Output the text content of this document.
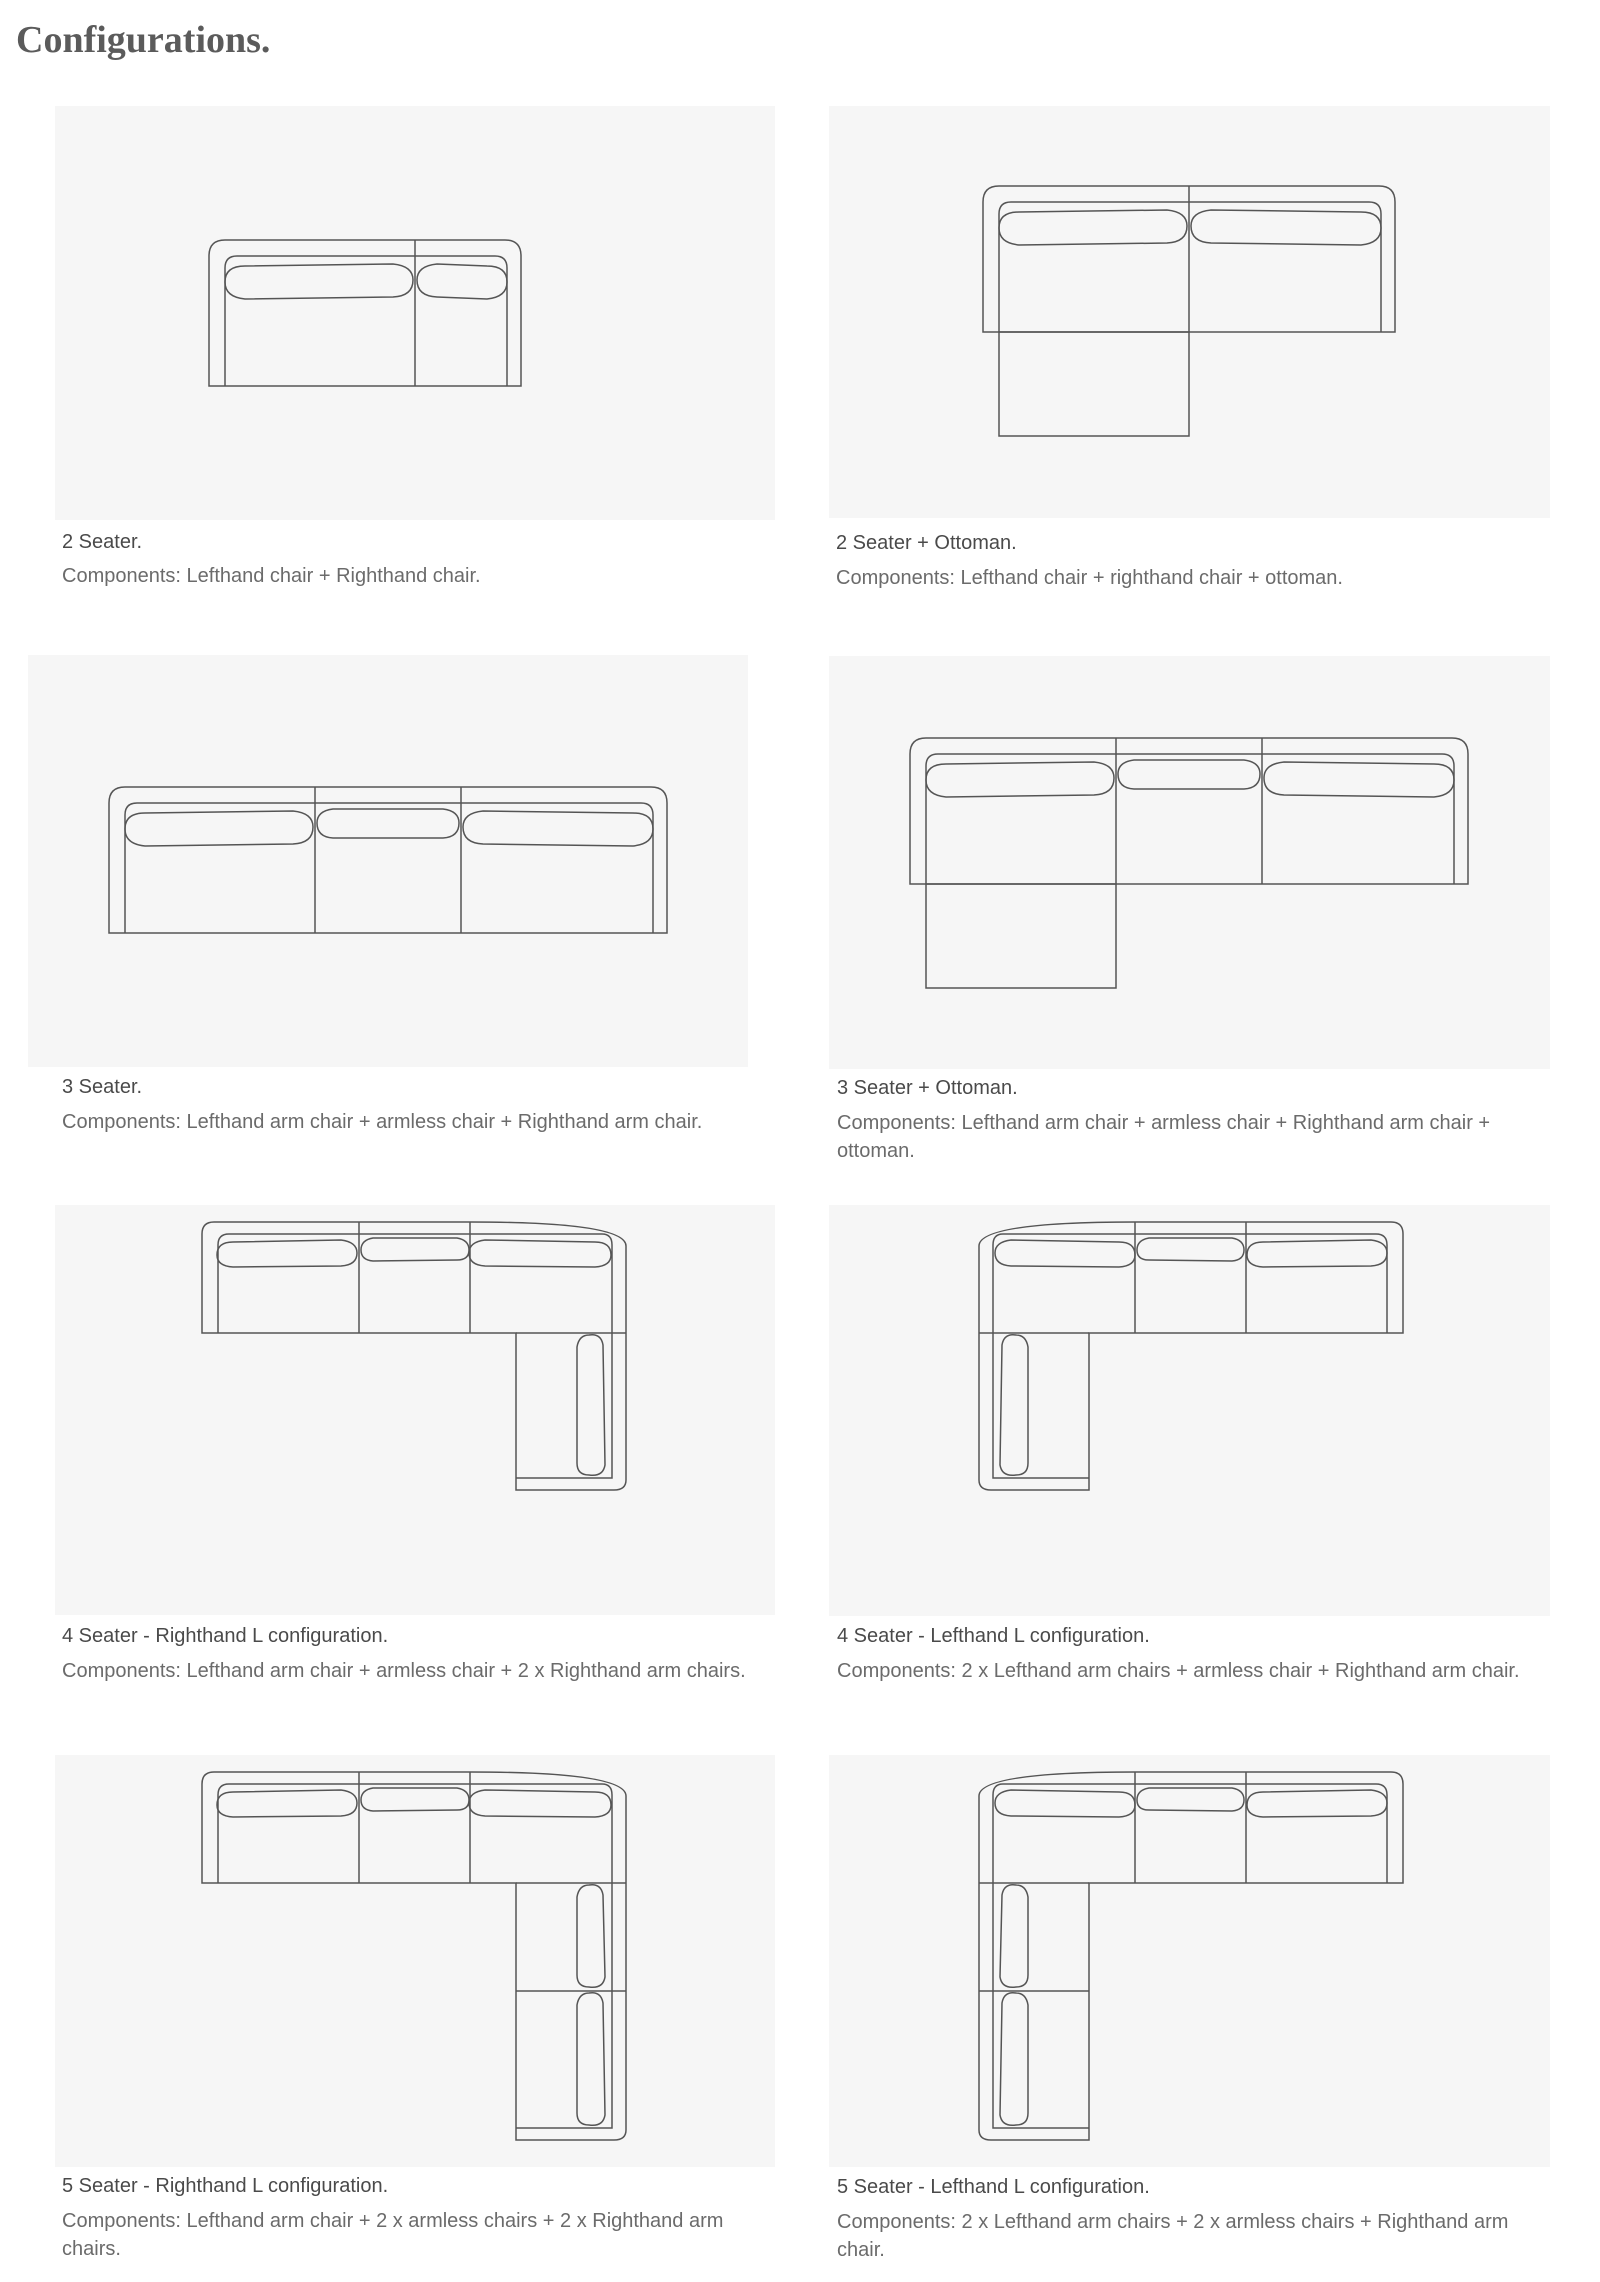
Configurations.
2 Seater.

Components: Lefthand chair + Righthand chair.

2 Seater + Ottoman.

Components: Lefthand chair + righthand chair + ottoman.

3 Seater.

Components: Lefthand arm chair + armless chair + Righthand arm chair.

3 Seater + Ottoman.

Components: Lefthand arm chair + armless chair + Righthand arm chair + ottoman.

4 Seater - Righthand L configuration.

Components: Lefthand arm chair + armless chair + 2 x Righthand arm chairs.

4 Seater - Lefthand L configuration.

Components: 2 x Lefthand arm chairs + armless chair + Righthand arm chair.

5 Seater - Righthand L configuration.

Components: Lefthand arm chair + 2 x armless chairs + 2 x Righthand arm chairs.

5 Seater - Lefthand L configuration.

Components: 2 x Lefthand arm chairs + 2 x armless chairs + Righthand arm chair.
